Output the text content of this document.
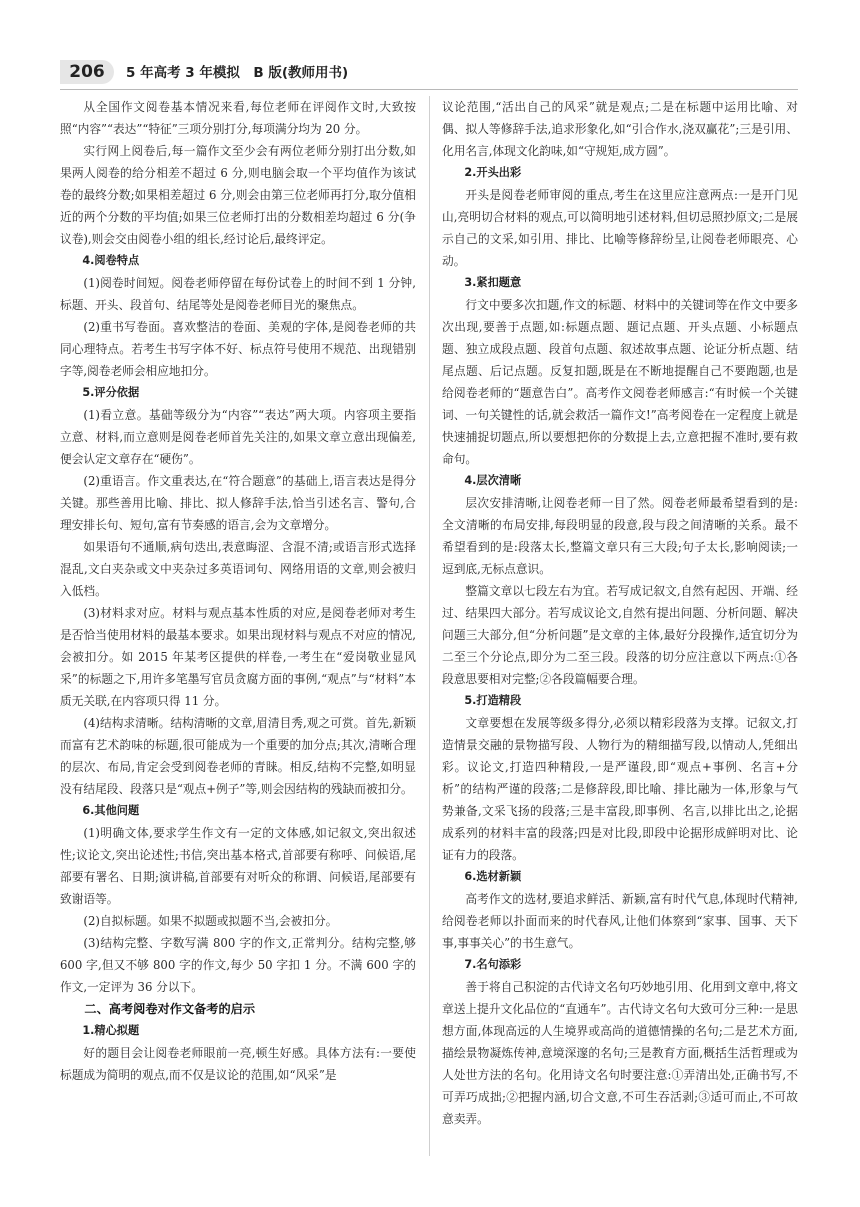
206	5 年高考 3 年模拟　B 版(教师用书)

从全国作文阅卷基本情况来看,每位老师在评阅作文时,大致按照“内容”“表达”“特征”三项分别打分,每项满分均为 20 分。

实行网上阅卷后,每一篇作文至少会有两位老师分别打出分数,如果两人阅卷的给分相差不超过 6 分,则电脑会取一个平均值作为该试卷的最终分数;如果相差超过 6 分,则会由第三位老师再打分,取分值相近的两个分数的平均值;如果三位老师打出的分数相差均超过 6 分(争议卷),则会交由阅卷小组的组长,经讨论后,最终评定。

4.阅卷特点

(1)阅卷时间短。阅卷老师停留在每份试卷上的时间不到 1 分钟,标题、开头、段首句、结尾等处是阅卷老师目光的聚焦点。

(2)重书写卷面。喜欢整洁的卷面、美观的字体,是阅卷老师的共同心理特点。若考生书写字体不好、标点符号使用不规范、出现错别字等,阅卷老师会相应地扣分。

5.评分依据

(1)看立意。基础等级分为“内容”“表达”两大项。内容项主要指立意、材料,而立意则是阅卷老师首先关注的,如果文章立意出现偏差,便会认定文章存在“硬伤”。

(2)重语言。作文重表达,在“符合题意”的基础上,语言表达是得分关键。那些善用比喻、排比、拟人修辞手法,恰当引述名言、警句,合理安排长句、短句,富有节奏感的语言,会为文章增分。

如果语句不通顺,病句迭出,表意晦涩、含混不清;或语言形式选择混乱,文白夹杂或文中夹杂过多英语词句、网络用语的文章,则会被归入低档。

(3)材料求对应。材料与观点基本性质的对应,是阅卷老师对考生是否恰当使用材料的最基本要求。如果出现材料与观点不对应的情况,会被扣分。如 2015 年某考区提供的样卷,一考生在“爱岗敬业显风采”的标题之下,用许多笔墨写官员贪腐方面的事例,“观点”与“材料”本质无关联,在内容项只得 11 分。

(4)结构求清晰。结构清晰的文章,眉清目秀,观之可赏。首先,新颖而富有艺术韵味的标题,很可能成为一个重要的加分点;其次,清晰合理的层次、布局,肯定会受到阅卷老师的青睐。相反,结构不完整,如明显没有结尾段、段落只是“观点+例子”等,则会因结构的残缺而被扣分。

6.其他问题

(1)明确文体,要求学生作文有一定的文体感,如记叙文,突出叙述性;议论文,突出论述性;书信,突出基本格式,首部要有称呼、问候语,尾部要有署名、日期;演讲稿,首部要有对听众的称谓、问候语,尾部要有致谢语等。

(2)自拟标题。如果不拟题或拟题不当,会被扣分。

(3)结构完整、字数写满 800 字的作文,正常判分。结构完整,够 600 字,但又不够 800 字的作文,每少 50 字扣 1 分。不满 600 字的作文,一定评为 36 分以下。

二、高考阅卷对作文备考的启示
1.精心拟题

好的题目会让阅卷老师眼前一亮,顿生好感。具体方法有:一要使标题成为简明的观点,而不仅是议论的范围,如“风采”是

议论范围,“活出自己的风采”就是观点;二是在标题中运用比喻、对偶、拟人等修辞手法,追求形象化,如“引合作水,浇双赢花”;三是引用、化用名言,体现文化韵味,如“守规矩,成方圆”。

2.开头出彩

开头是阅卷老师审阅的重点,考生在这里应注意两点:一是开门见山,亮明切合材料的观点,可以简明地引述材料,但切忌照抄原文;二是展示自己的文采,如引用、排比、比喻等修辞纷呈,让阅卷老师眼亮、心动。

3.紧扣题意

行文中要多次扣题,作文的标题、材料中的关键词等在作文中要多次出现,要善于点题,如:标题点题、题记点题、开头点题、小标题点题、独立成段点题、段首句点题、叙述故事点题、论证分析点题、结尾点题、后记点题。反复扣题,既是在不断地提醒自己不要跑题,也是给阅卷老师的“题意告白”。高考作文阅卷老师感言:“有时候一个关键词、一句关键性的话,就会救活一篇作文!”高考阅卷在一定程度上就是快速捕捉切题点,所以要想把你的分数提上去,立意把握不准时,要有救命句。

4.层次清晰

层次安排清晰,让阅卷老师一目了然。阅卷老师最希望看到的是:全文清晰的布局安排,每段明显的段意,段与段之间清晰的关系。最不希望看到的是:段落太长,整篇文章只有三大段;句子太长,影响阅读;一逗到底,无标点意识。

整篇文章以七段左右为宜。若写成记叙文,自然有起因、开端、经过、结果四大部分。若写成议论文,自然有提出问题、分析问题、解决问题三大部分,但“分析问题”是文章的主体,最好分段操作,适宜切分为二至三个分论点,即分为二至三段。段落的切分应注意以下两点:①各段意思要相对完整;②各段篇幅要合理。

5.打造精段

文章要想在发展等级多得分,必须以精彩段落为支撑。记叙文,打造情景交融的景物描写段、人物行为的精细描写段,以情动人,凭细出彩。议论文,打造四种精段,一是严谨段,即“观点+事例、名言+分析”的结构严谨的段落;二是修辞段,即比喻、排比融为一体,形象与气势兼备,文采飞扬的段落;三是丰富段,即事例、名言,以排比出之,论据成系列的材料丰富的段落;四是对比段,即段中论据形成鲜明对比、论证有力的段落。

6.选材新颖

高考作文的选材,要追求鲜活、新颖,富有时代气息,体现时代精神,给阅卷老师以扑面而来的时代春风,让他们体察到“家事、国事、天下事,事事关心”的书生意气。

7.名句添彩

善于将自己积淀的古代诗文名句巧妙地引用、化用到文章中,将文章送上提升文化品位的“直通车”。古代诗文名句大致可分三种:一是思想方面,体现高远的人生境界或高尚的道德情操的名句;二是艺术方面,描绘景物凝炼传神,意境深邃的名句;三是教育方面,概括生活哲理或为人处世方法的名句。化用诗文名句时要注意:①弄清出处,正确书写,不可弄巧成拙;②把握内涵,切合文意,不可生吞活剥;③适可而止,不可故意卖弄。
